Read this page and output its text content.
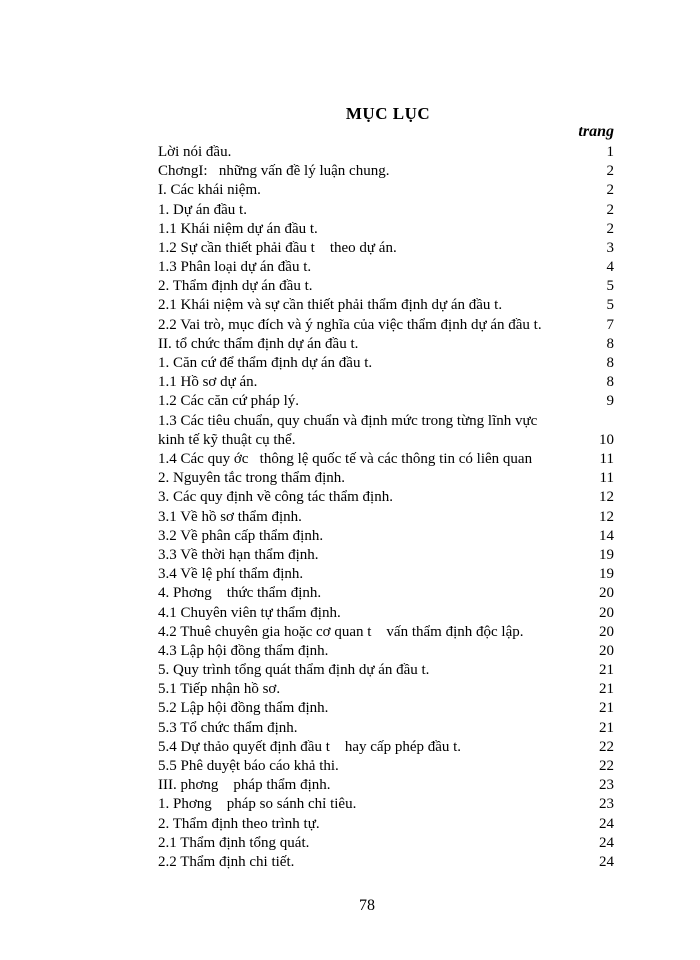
MỤC LỤC
trang
Lời nói đầu.	1
ChơngI:   những vấn đề lý luận chung.	2
I. Các khái niệm.	2
1. Dự án đầu t.	2
1.1 Khái niệm dự án đầu t.	2
1.2 Sự cần thiết phải đầu t    theo dự án.	3
1.3 Phân loại dự án đầu t.	4
2. Thẩm định dự án đầu t.	5
2.1 Khái niệm và sự cần thiết phải thẩm định dự án đầu t.	5
2.2 Vai trò, mục đích và ý nghĩa của việc thẩm định dự án đầu t.	7
II. tổ chức thẩm định dự án đầu t.	8
1. Căn cứ để thẩm định dự án đầu t.	8
1.1 Hồ sơ dự án.	8
1.2 Các căn cứ pháp lý.	9
1.3 Các tiêu chuẩn, quy chuẩn và định mức trong từng lĩnh vực
kinh tế kỹ thuật cụ thể.	10
1.4 Các quy ớc   thông lệ quốc tế và các thông tin có liên quan	11
2. Nguyên tắc trong thẩm định.	11
3. Các quy định về công tác thẩm định.	12
3.1 Về hồ sơ thẩm định.	12
3.2 Về phân cấp thẩm định.	14
3.3 Về thời hạn thẩm định.	19
3.4 Về lệ phí thẩm định.	19
4. Phơng    thức thẩm định.	20
4.1 Chuyên viên tự thẩm định.	20
4.2 Thuê chuyên gia hoặc cơ quan t    vấn thẩm định độc lập.	20
4.3 Lập hội đồng thẩm định.	20
5. Quy trình tổng quát thẩm định dự án đầu t.	21
5.1 Tiếp nhận hồ sơ.	21
5.2 Lập hội đồng thẩm định.	21
5.3 Tổ chức thẩm định.	21
5.4 Dự thảo quyết định đầu t    hay cấp phép đầu t.	22
5.5 Phê duyệt báo cáo khả thi.	22
III. phơng    pháp thẩm định.	23
1. Phơng    pháp so sánh chỉ tiêu.	23
2. Thẩm định theo trình tự.	24
2.1 Thẩm định tổng quát.	24
2.2 Thẩm định chi tiết.	24
78
